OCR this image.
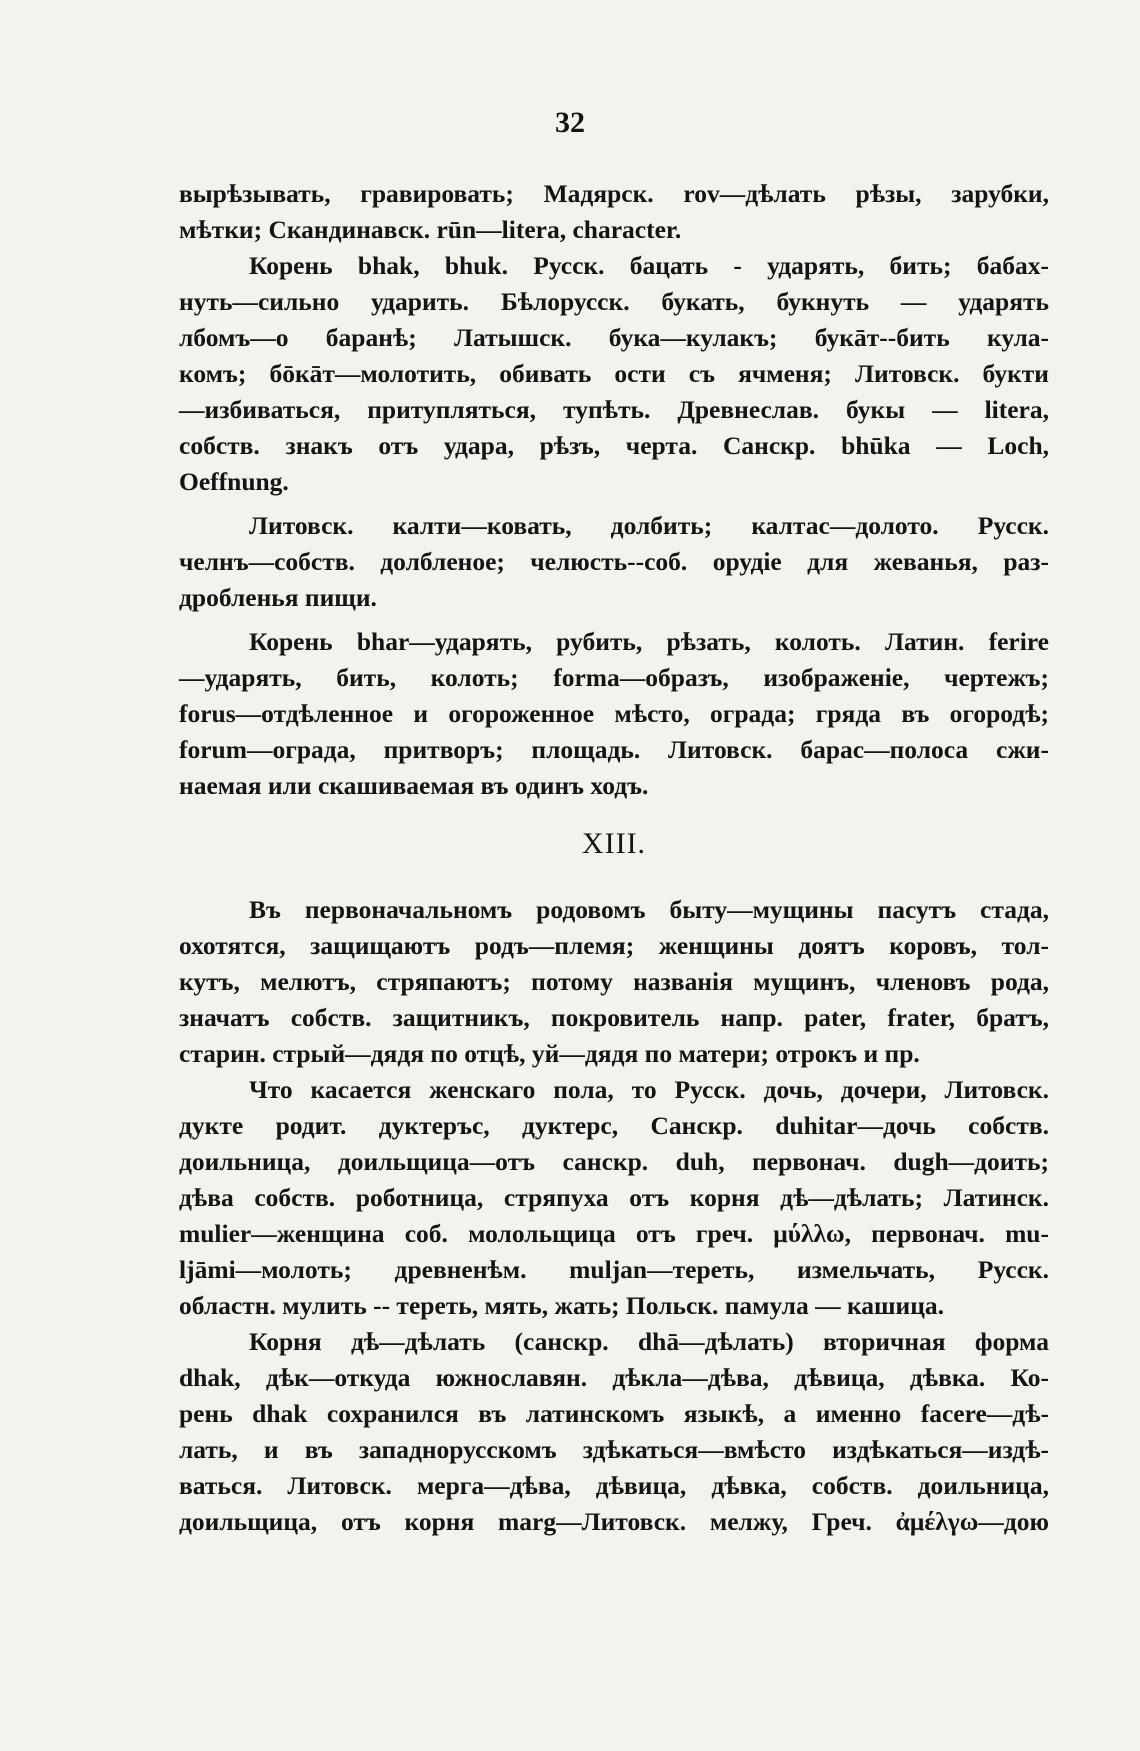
32
вырѣзывать, гравировать; Мадярск. rov—дѣлать рѣзы, зарубки,
мѣтки; Скандинавск. rūn—litera, character.
Корень bhak, bhuk. Русск. бацать - ударять, бить; бабах-
нуть—сильно ударить. Бѣлорусск. букать, букнуть — ударять
лбомъ—о баранѣ; Латышск. бука—кулакъ; букāт--бить кула-
комъ; бōкāт—молотить, обивать ости съ ячменя; Литовск. букти
—избиваться, притупляться, тупѣть. Древнеслав. букы — litera,
собств. знакъ отъ удара, рѣзъ, черта. Санскр. bhūka — Loch,
Oeffnung.
Литовск. калти—ковать, долбить; калтас—долото. Русск.
челнъ—собств. долбленое; челюсть--соб. орудіе для жеванья, раз-
дробленья пищи.
Корень bhar—ударять, рубить, рѣзать, колоть. Латин. ferire
—ударять, бить, колоть; forma—образъ, изображеніе, чертежъ;
forus—отдѣленное и огороженное мѣсто, ограда; гряда въ огородѣ;
forum—ограда, притворъ; площадь. Литовск. барас—полоса сжи-
наемая или скашиваемая въ одинъ ходъ.
XIII.
Въ первоначальномъ родовомъ быту—мущины пасутъ стада,
охотятся, защищаютъ родъ—племя; женщины доятъ коровъ, тол-
кутъ, мелютъ, стряпаютъ; потому названія мущинъ, членовъ рода,
значатъ собств. защитникъ, покровитель напр. pater, frater, братъ,
старин. стрый—дядя по отцѣ, уй—дядя по матери; отрокъ и пр.
Что касается женскаго пола, то Русск. дочь, дочери, Литовск.
дукте родит. дуктеръс, дуктерс, Санскр. duhitar—дочь собств.
доильница, доильщица—отъ санскр. duh, первонач. dugh—доить;
дѣва собств. роботница, стряпуха отъ корня дѣ—дѣлать; Латинск.
mulier—женщина соб. молольщица отъ греч. μύλλω, первонач. mu-
ljāmi—молоть; древненѣм. muljan—тереть, измельчать, Русск.
областн. мулить -- тереть, мять, жать; Польск. памула — кашица.
Корня дѣ—дѣлать (санскр. dhā—дѣлать) вторичная форма
dhak, дѣк—откуда южнославян. дѣкла—дѣва, дѣвица, дѣвка. Ко-
рень dhak сохранился въ латинскомъ языкѣ, а именно facere—дѣ-
лать, и въ западнорусскомъ здѣкаться—вмѣсто издѣкаться—издѣ-
ваться. Литовск. мерга—дѣва, дѣвица, дѣвка, собств. доильница,
доильщица, отъ корня marg—Литовск. мелжу, Греч. ἀμέλγω—дою
